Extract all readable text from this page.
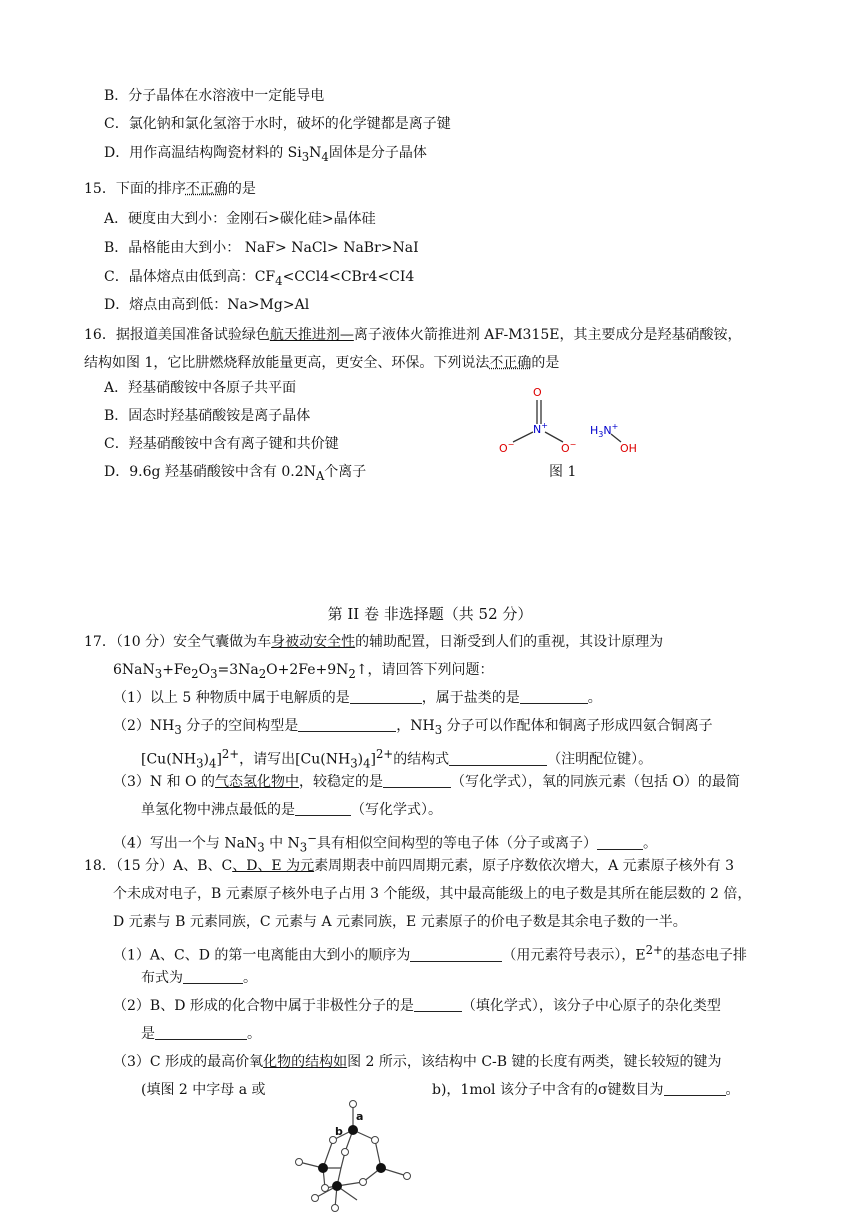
B．分子晶体在水溶液中一定能导电
C．氯化钠和氯化氢溶于水时，破坏的化学键都是离子键
D．用作高温结构陶瓷材料的 $Si_3N_4$固体是分子晶体
15．下面的排序不正确的是
A．硬度由大到小：金刚石>碳化硅>晶体硅
B．晶格能由大到小： NaF> NaCl> NaBr>NaI
C．晶体熔点由低到高：$CF_4<CCl4<CBr4<CI4$
D．熔点由高到低：Na>Mg>Al
16．据报道美国准备试验绿色航天推进剂—离子液体火箭推进剂 AF-M315E，其主要成分是羟基硝酸铵，
结构如图 1，它比肼燃烧释放能量更高，更安全、环保。下列说法不正确的是
A．羟基硝酸铵中各原子共平面
B．固态时羟基硝酸铵是离子晶体
C．羟基硝酸铵中含有离子键和共价键
D．9.6g 羟基硝酸铵中含有 $0.2N_A$个离子
O
N+
O−	O−
$H_3N^+$
OH
图 1
第 II 卷 非选择题（共 52 分）
17．（10 分）安全气囊做为车身被动安全性的辅助配置，日渐受到人们的重视，其设计原理为
$6NaN_3+Fe_2O_3=3Na_2O+2Fe+9N_2↑$，请回答下列问题：
（1）以上 5 种物质中属于电解质的是	，属于盐类的是	。
$(2)NH_3$ 分子的空间构型是	，$NH_3$ 分子可以作配体和铜离子形成四氨合铜离子
$[Cu(NH_3)_4]^{2+}$，请写出$[Cu(NH_3)_4]^{2+}$的结构式	（注明配位键）。
（3）N 和 O 的气态氢化物中，较稳定的是	（写化学式），氧的同族元素（包括 O）的最简
单氢化物中沸点最低的是	（写化学式）。
（4）写出一个与 NaN$_3$ 中 $N_3^-$具有相似空间构型的等电子体（分子或离子）	。
18．（15 分）A、B、C、D、E 为元素周期表中前四周期元素，原子序数依次增大，A 元素原子核外有 3
个未成对电子，B 元素原子核外电子占用 3 个能级，其中最高能级上的电子数是其所在能层数的 2 倍，
D 元素与 B 元素同族，C 元素与 A 元素同族，E 元素原子的价电子数是其余电子数的一半。
（1）A、C、D 的第一电离能由大到小的顺序为	（用元素符号表示），$E^{2+}$的基态电子排
布式为	。
（2）B、D 形成的化合物中属于非极性分子的是	（填化学式），该分子中心原子的杂化类型
是	。
（3）C 形成的最高价氧化物的结构如图 2 所示，该结构中 C-B 键的长度有两类，键长较短的键为
(填图 2 中字母 a 或	b)，1mol 该分子中含有的σ键数目为	。
a
b
